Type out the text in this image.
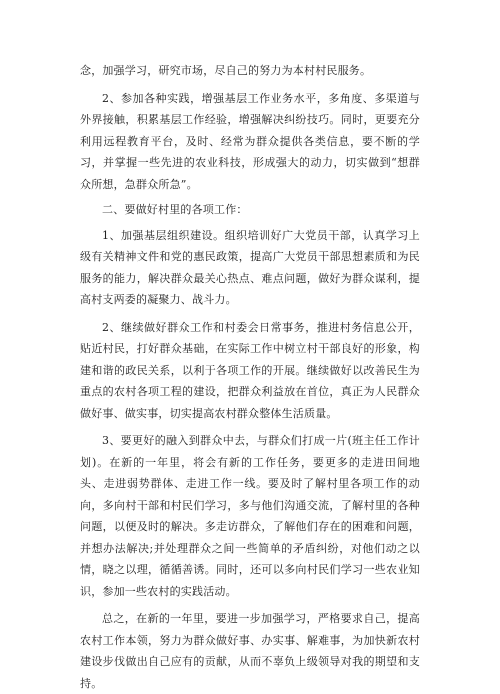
念，加强学习，研究市场，尽自己的努力为本村村民服务。

2、参加各种实践，增强基层工作业务水平，多角度、多渠道与外界接触，积累基层工作经验，增强解决纠纷技巧。同时，更要充分利用远程教育平台，及时、经常为群众提供各类信息，要不断的学习，并掌握一些先进的农业科技，形成强大的动力，切实做到“想群众所想，急群众所急”。

二、要做好村里的各项工作：

1、加强基层组织建设。组织培训好广大党员干部，认真学习上级有关精神文件和党的惠民政策，提高广大党员干部思想素质和为民服务的能力，解决群众最关心热点、难点问题，做好为群众谋利，提高村支两委的凝聚力、战斗力。

2、继续做好群众工作和村委会日常事务，推进村务信息公开，贴近村民，打好群众基础，在实际工作中树立村干部良好的形象，构建和谐的政民关系，以利于各项工作的开展。继续做好以改善民生为重点的农村各项工程的建设，把群众利益放在首位，真正为人民群众做好事、做实事，切实提高农村群众整体生活质量。

3、要更好的融入到群众中去，与群众们打成一片(班主任工作计划)。在新的一年里，将会有新的工作任务，要更多的走进田间地头、走进弱势群体、走进工作一线。要及时了解村里各项工作的动向，多向村干部和村民们学习，多与他们沟通交流，了解村里的各种问题，以便及时的解决。多走访群众，了解他们存在的困难和问题，并想办法解决;并处理群众之间一些简单的矛盾纠纷，对他们动之以情，晓之以理，循循善诱。同时，还可以多向村民们学习一些农业知识，参加一些农村的实践活动。

总之，在新的一年里，要进一步加强学习，严格要求自己，提高农村工作本领，努力为群众做好事、办实事、解难事，为加快新农村建设步伐做出自己应有的贡献，从而不辜负上级领导对我的期望和支持。
